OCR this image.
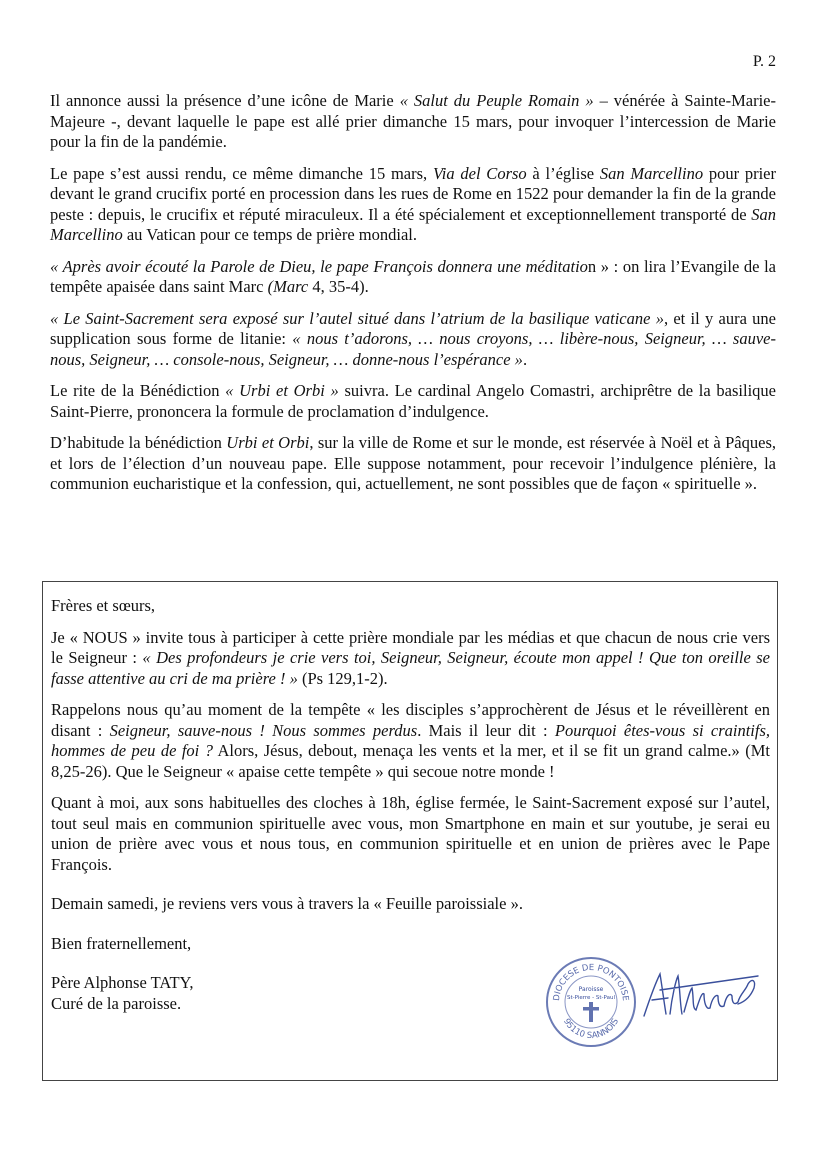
P. 2

Il annonce aussi la présence d’une icône de Marie « Salut du Peuple Romain » – vénérée à Sainte-Marie-Majeure -, devant laquelle le pape est allé prier dimanche 15 mars, pour invoquer l’intercession de Marie pour la fin de la pandémie.

Le pape s’est aussi rendu, ce même dimanche 15 mars, Via del Corso à l’église San Marcellino pour prier devant le grand crucifix porté en procession dans les rues de Rome en 1522 pour demander la fin de la grande peste : depuis, le crucifix et réputé miraculeux. Il a été spécialement et exceptionnellement transporté de San Marcellino au Vatican pour ce temps de prière mondial.

« Après avoir écouté la Parole de Dieu, le pape François donnera une méditation » : on lira l’Evangile de la tempête apaisée dans saint Marc (Marc 4, 35-4).

« Le Saint-Sacrement sera exposé sur l’autel situé dans l’atrium de la basilique vaticane », et il y aura une supplication sous forme de litanie: « nous t’adorons, … nous croyons, … libère-nous, Seigneur, … sauve-nous, Seigneur, … console-nous, Seigneur, … donne-nous l’espérance ».

Le rite de la Bénédiction « Urbi et Orbi » suivra. Le cardinal Angelo Comastri, archiprêtre de la basilique Saint-Pierre, prononcera la formule de proclamation d’indulgence.

D’habitude la bénédiction Urbi et Orbi, sur la ville de Rome et sur le monde, est réservée à Noël et à Pâques, et lors de l’élection d’un nouveau pape. Elle suppose notamment, pour recevoir l’indulgence plénière, la communion eucharistique et la confession, qui, actuellement, ne sont possibles que de façon « spirituelle ».

Frères et sœurs,

Je « NOUS » invite tous à participer à cette prière mondiale par les médias et que chacun de nous crie vers le Seigneur : « Des profondeurs je crie vers toi, Seigneur, Seigneur, écoute mon appel ! Que ton oreille se fasse attentive au cri de ma prière ! » (Ps 129,1-2).

Rappelons nous qu’au moment de la tempête « les disciples s’approchèrent de Jésus et le réveillèrent en disant : Seigneur, sauve-nous ! Nous sommes perdus. Mais il leur dit : Pourquoi êtes-vous si craintifs, hommes de peu de foi ? Alors, Jésus, debout, menaça les vents et la mer, et il se fit un grand calme.» (Mt 8,25-26). Que le Seigneur « apaise cette tempête » qui secoue notre monde !

Quant à moi, aux sons habituelles des cloches à 18h, église fermée, le Saint-Sacrement exposé sur l’autel, tout seul mais en communion spirituelle avec vous, mon Smartphone en main et sur youtube, je serai eu union de prière avec vous et nous tous, en communion spirituelle et en union de prières avec le Pape François.

Demain samedi, je reviens vers vous à travers la « Feuille paroissiale ».

Bien fraternellement,

Père Alphonse TATY,
Curé de la paroisse.	DIOCESE DE PONTOISE
95110 SANNOIS
Paroisse
St-Pierre - St-Paul
